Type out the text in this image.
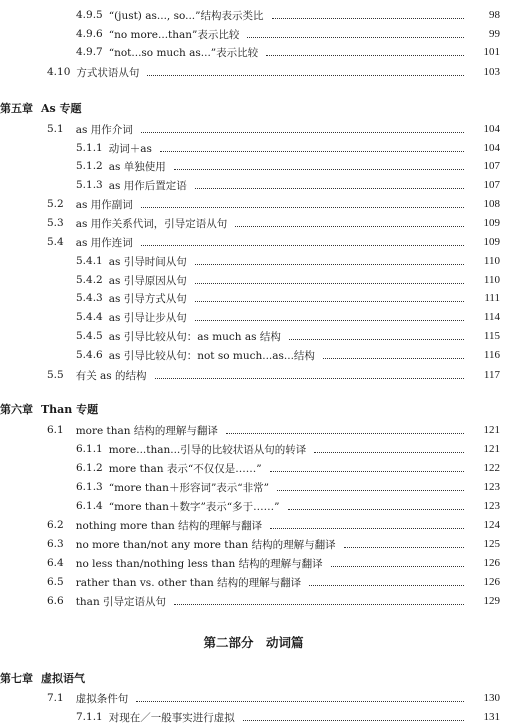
4.9.5 “(just) as..., so...”结构表示类比	98
4.9.6 “no more...than”表示比较	99
4.9.7 “not...so much as...”表示比较	101
4.10 方式状语从句	103
第五章 As 专题
5.1	as 用作介词	104
5.1.1 动词＋as	104
5.1.2 as 单独使用	107
5.1.3 as 用作后置定语	107
5.2	as 用作副词	108
5.3	as 用作关系代词，引导定语从句	109
5.4	as 用作连词	109
5.4.1 as 引导时间从句	110
5.4.2 as 引导原因从句	110
5.4.3 as 引导方式从句	111
5.4.4 as 引导让步从句	114
5.4.5 as 引导比较从句：as much as 结构	115
5.4.6 as 引导比较从句：not so much...as...结构	116
5.5	有关 as 的结构	117
第六章 Than 专题
6.1	more than 结构的理解与翻译	121
6.1.1 more...than...引导的比较状语从句的转译	121
6.1.2 more than 表示“不仅仅是……”	122
6.1.3 “more than＋形容词”表示“非常”	123
6.1.4 “more than＋数字”表示“多于……”	123
6.2	nothing more than 结构的理解与翻译	124
6.3	no more than/not any more than 结构的理解与翻译	125
6.4	no less than/nothing less than 结构的理解与翻译	126
6.5	rather than vs. other than 结构的理解与翻译	126
6.6	than 引导定语从句	129
第二部分　动词篇
第七章 虚拟语气
7.1	虚拟条件句	130
7.1.1 对现在／一般事实进行虚拟	131
